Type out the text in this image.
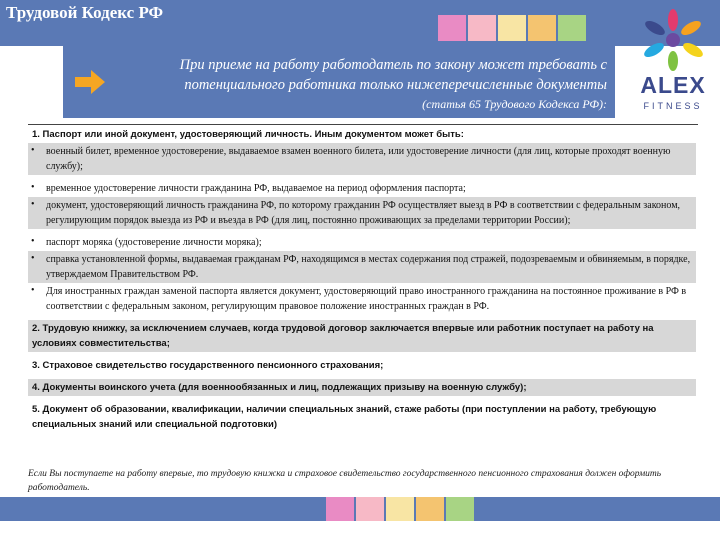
Трудовой Кодекс РФ
При приеме на работу работодатель по закону может требовать с
потенциального работника только нижеперечисленные документы
(статья 65 Трудового Кодекса РФ):
ALEX
FITNESS
1. Паспорт или иной документ, удостоверяющий личность. Иным документом может быть:
• военный билет, временное удостоверение, выдаваемое взамен военного билета, или удостоверение личности (для лиц, которые проходят военную службу);
• временное удостоверение личности гражданина РФ, выдаваемое на период оформления паспорта;
• документ, удостоверяющий личность гражданина РФ, по которому гражданин РФ осуществляет выезд в РФ в соответствии с федеральным законом, регулирующим порядок выезда из РФ и въезда в РФ (для лиц, постоянно проживающих за пределами территории России);
• паспорт моряка (удостоверение личности моряка);
• справка установленной формы, выдаваемая гражданам РФ, находящимся в местах содержания под стражей, подозреваемым и обвиняемым, в порядке, утверждаемом Правительством РФ.
• Для иностранных граждан заменой паспорта является документ, удостоверяющий право иностранного гражданина на постоянное проживание в РФ в соответствии с федеральным законом, регулирующим правовое положение иностранных граждан в РФ.
2. Трудовую книжку, за исключением случаев, когда трудовой договор заключается впервые или работник поступает на работу на условиях совместительства;
3. Страховое свидетельство государственного пенсионного страхования;
4. Документы воинского учета (для военнообязанных и лиц, подлежащих призыву на военную службу);
5. Документ об образовании, квалификации, наличии специальных знаний, стаже работы (при поступлении на работу, требующую специальных знаний или специальной подготовки)
Если Вы поступаете на работу впервые, то трудовую книжка и страховое свидетельство государственного пенсионного страхования должен оформить работодатель.
